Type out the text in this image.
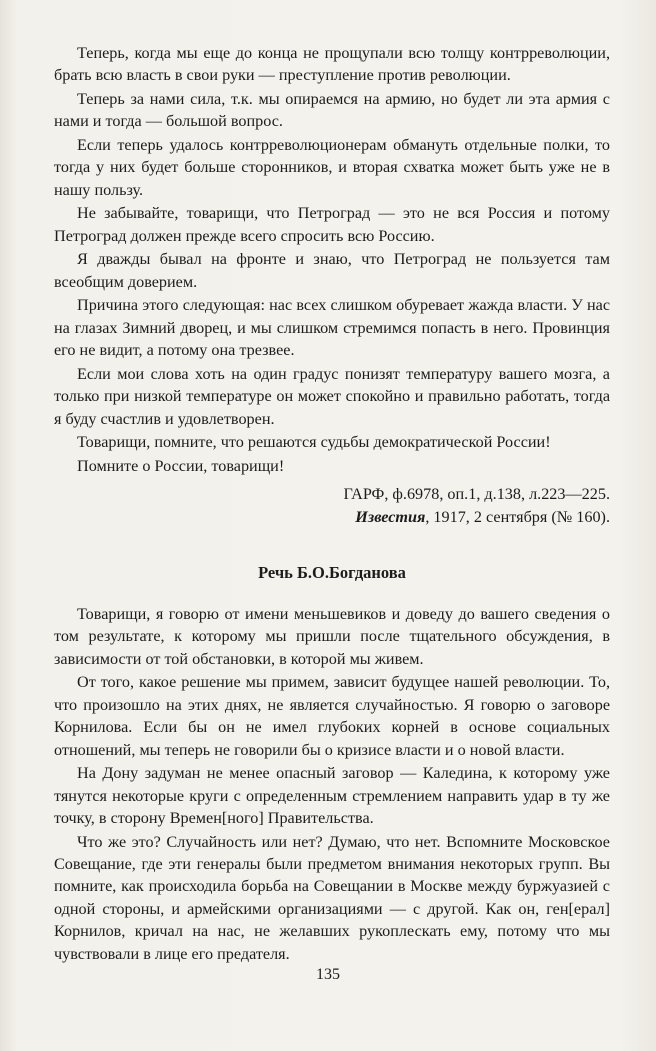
Теперь, когда мы еще до конца не прощупали всю толщу контрреволюции, брать всю власть в свои руки — преступление против революции.

Теперь за нами сила, т.к. мы опираемся на армию, но будет ли эта армия с нами и тогда — большой вопрос.

Если теперь удалось контрреволюционерам обмануть отдельные полки, то тогда у них будет больше сторонников, и вторая схватка может быть уже не в нашу пользу.

Не забывайте, товарищи, что Петроград — это не вся Россия и потому Петроград должен прежде всего спросить всю Россию.

Я дважды бывал на фронте и знаю, что Петроград не пользуется там всеобщим доверием.

Причина этого следующая: нас всех слишком обуревает жажда власти. У нас на глазах Зимний дворец, и мы слишком стремимся попасть в него. Провинция его не видит, а потому она трезвее.

Если мои слова хоть на один градус понизят температуру вашего мозга, а только при низкой температуре он может спокойно и правильно работать, тогда я буду счастлив и удовлетворен.

Товарищи, помните, что решаются судьбы демократической России!

Помните о России, товарищи!

ГАРФ, ф.6978, оп.1, д.138, л.223—225.

Известия, 1917, 2 сентября (№ 160).

Речь Б.О.Богданова

Товарищи, я говорю от имени меньшевиков и доведу до вашего сведения о том результате, к которому мы пришли после тщательного обсуждения, в зависимости от той обстановки, в которой мы живем.

От того, какое решение мы примем, зависит будущее нашей революции. То, что произошло на этих днях, не является случайностью. Я говорю о заговоре Корнилова. Если бы он не имел глубоких корней в основе социальных отношений, мы теперь не говорили бы о кризисе власти и о новой власти.

На Дону задуман не менее опасный заговор — Каледина, к которому уже тянутся некоторые круги с определенным стремлением направить удар в ту же точку, в сторону Времен[ного] Правительства.

Что же это? Случайность или нет? Думаю, что нет. Вспомните Московское Совещание, где эти генералы были предметом внимания некоторых групп. Вы помните, как происходила борьба на Совещании в Москве между буржуазией с одной стороны, и армейскими организациями — с другой. Как он, ген[ерал] Корнилов, кричал на нас, не желавших рукоплескать ему, потому что мы чувствовали в лице его предателя.

135
